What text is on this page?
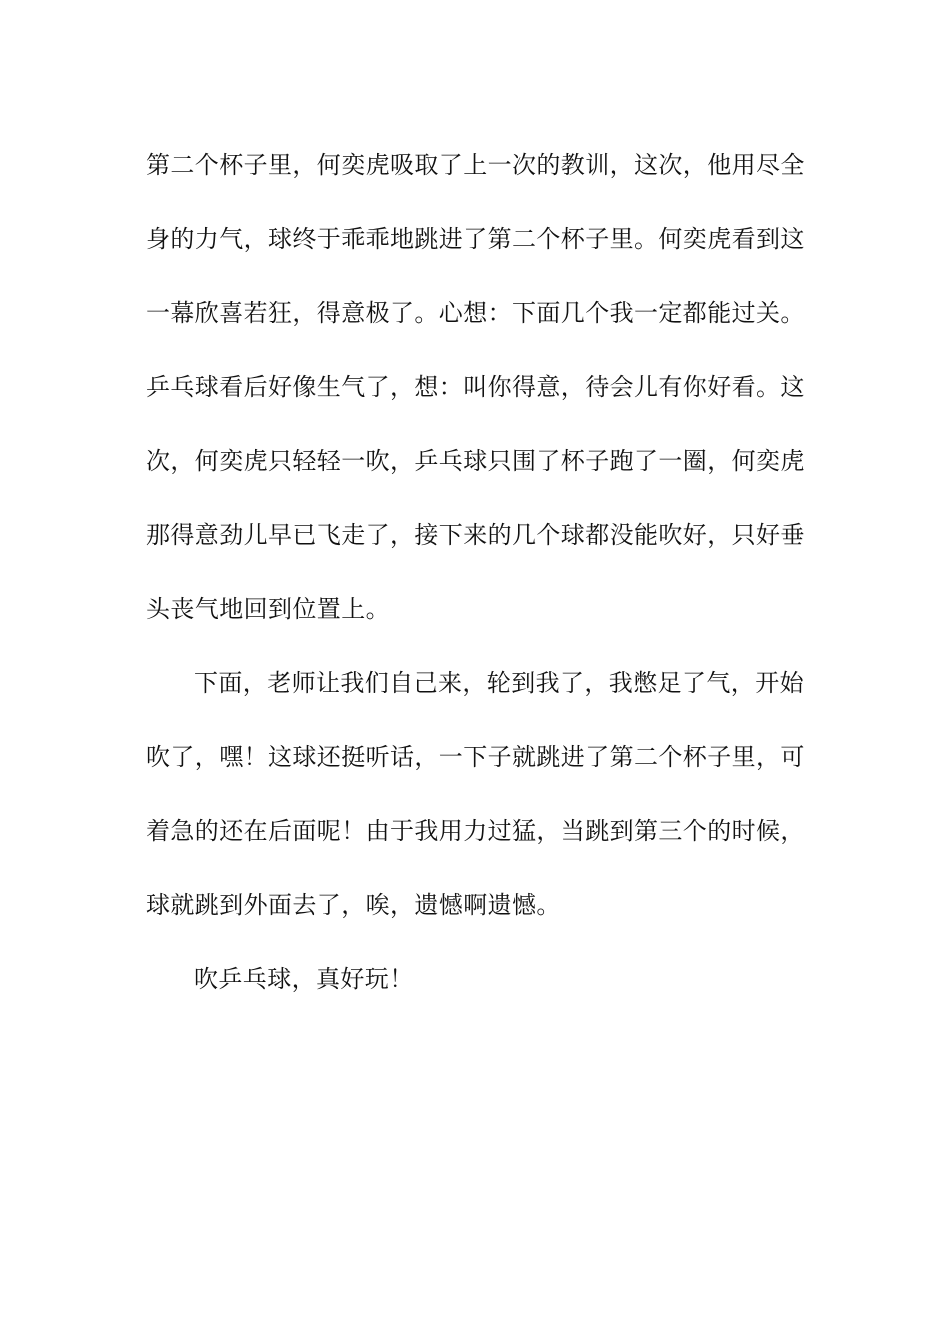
第二个杯子里，何奕虎吸取了上一次的教训，这次，他用尽全
身的力气，球终于乖乖地跳进了第二个杯子里。何奕虎看到这
一幕欣喜若狂，得意极了。心想：下面几个我一定都能过关。
乒乓球看后好像生气了，想：叫你得意，待会儿有你好看。这
次，何奕虎只轻轻一吹，乒乓球只围了杯子跑了一圈，何奕虎
那得意劲儿早已飞走了，接下来的几个球都没能吹好，只好垂
头丧气地回到位置上。
下面，老师让我们自己来，轮到我了，我憋足了气，开始
吹了，嘿！这球还挺听话，一下子就跳进了第二个杯子里，可
着急的还在后面呢！由于我用力过猛，当跳到第三个的时候，
球就跳到外面去了，唉，遗憾啊遗憾。
吹乒乓球，真好玩！
